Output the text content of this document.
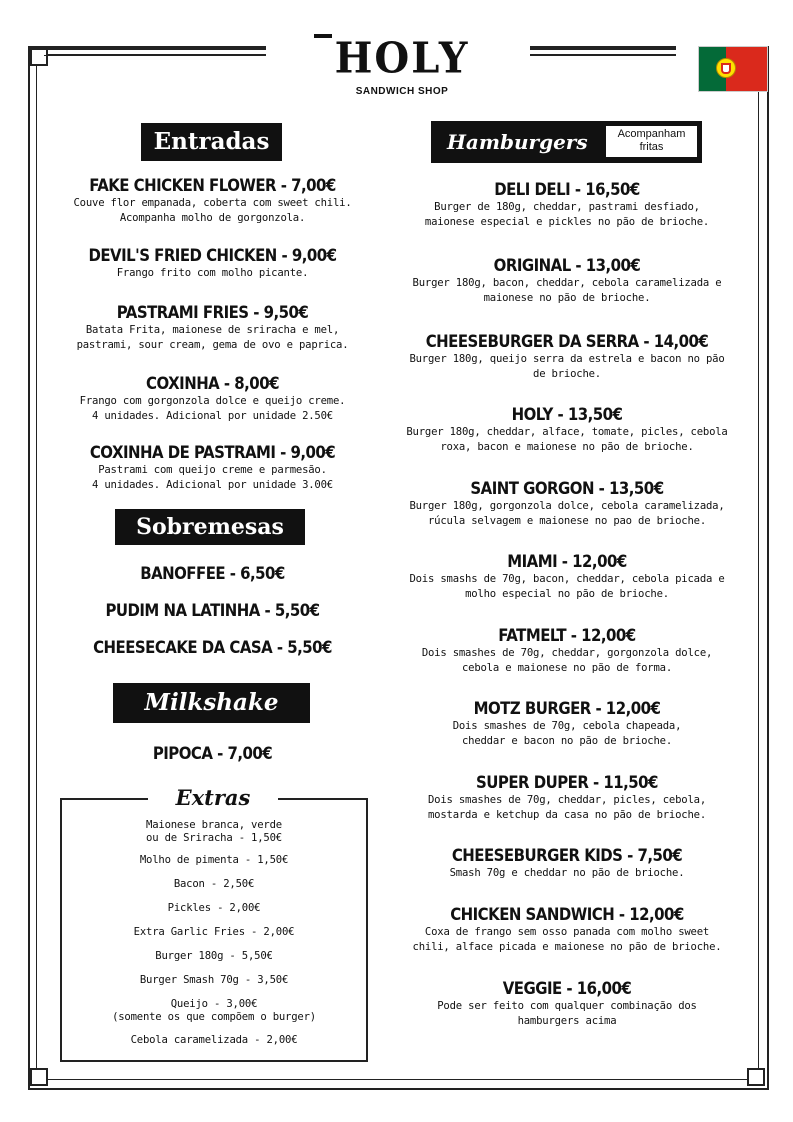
HOLY
SANDWICH SHOP
Entradas
FAKE CHICKEN FLOWER - 7,00€
Couve flor empanada, coberta com sweet chili.
Acompanha molho de gorgonzola.
DEVIL'S FRIED CHICKEN - 9,00€
Frango frito com molho picante.
PASTRAMI FRIES - 9,50€
Batata Frita, maionese de sriracha e mel,
pastrami, sour cream, gema de ovo e paprica.
COXINHA - 8,00€
Frango com gorgonzola dolce e queijo creme.
4 unidades. Adicional por unidade 2.50€
COXINHA DE PASTRAMI - 9,00€
Pastrami com queijo creme e parmesão.
4 unidades. Adicional por unidade 3.00€
Sobremesas
BANOFFEE - 6,50€
PUDIM NA LATINHA - 5,50€
CHEESECAKE DA CASA - 5,50€
Milkshake
PIPOCA - 7,00€
Extras
Maionese branca, verde
ou de Sriracha - 1,50€
Molho de pimenta - 1,50€
Bacon - 2,50€
Pickles - 2,00€
Extra Garlic Fries - 2,00€
Burger 180g - 5,50€
Burger Smash 70g - 3,50€
Queijo - 3,00€
(somente os que compõem o burger)
Cebola caramelizada - 2,00€
Hamburgers	Acompanham
fritas
DELI DELI - 16,50€
Burger de 180g, cheddar, pastrami desfiado,
maionese especial e pickles no pão de brioche.
ORIGINAL - 13,00€
Burger 180g, bacon, cheddar, cebola caramelizada e
maionese no pão de brioche.
CHEESEBURGER DA SERRA - 14,00€
Burger 180g, queijo serra da estrela e bacon no pão
de brioche.
HOLY - 13,50€
Burger 180g, cheddar, alface, tomate, picles, cebola
roxa, bacon e maionese no pão de brioche.
SAINT GORGON - 13,50€
Burger 180g, gorgonzola dolce, cebola caramelizada,
rúcula selvagem e maionese no pao de brioche.
MIAMI - 12,00€
Dois smashs de 70g, bacon, cheddar, cebola picada e
molho especial no pão de brioche.
FATMELT - 12,00€
Dois smashes de 70g, cheddar, gorgonzola dolce,
cebola e maionese no pão de forma.
MOTZ BURGER - 12,00€
Dois smashes de 70g, cebola chapeada,
cheddar e bacon no pão de brioche.
SUPER DUPER - 11,50€
Dois smashes de 70g, cheddar, picles, cebola,
mostarda e ketchup da casa no pão de brioche.
CHEESEBURGER KIDS - 7,50€
Smash 70g e cheddar no pão de brioche.
CHICKEN SANDWICH - 12,00€
Coxa de frango sem osso panada com molho sweet
chili, alface picada e maionese no pão de brioche.
VEGGIE - 16,00€
Pode ser feito com qualquer combinação dos
hamburgers acima
